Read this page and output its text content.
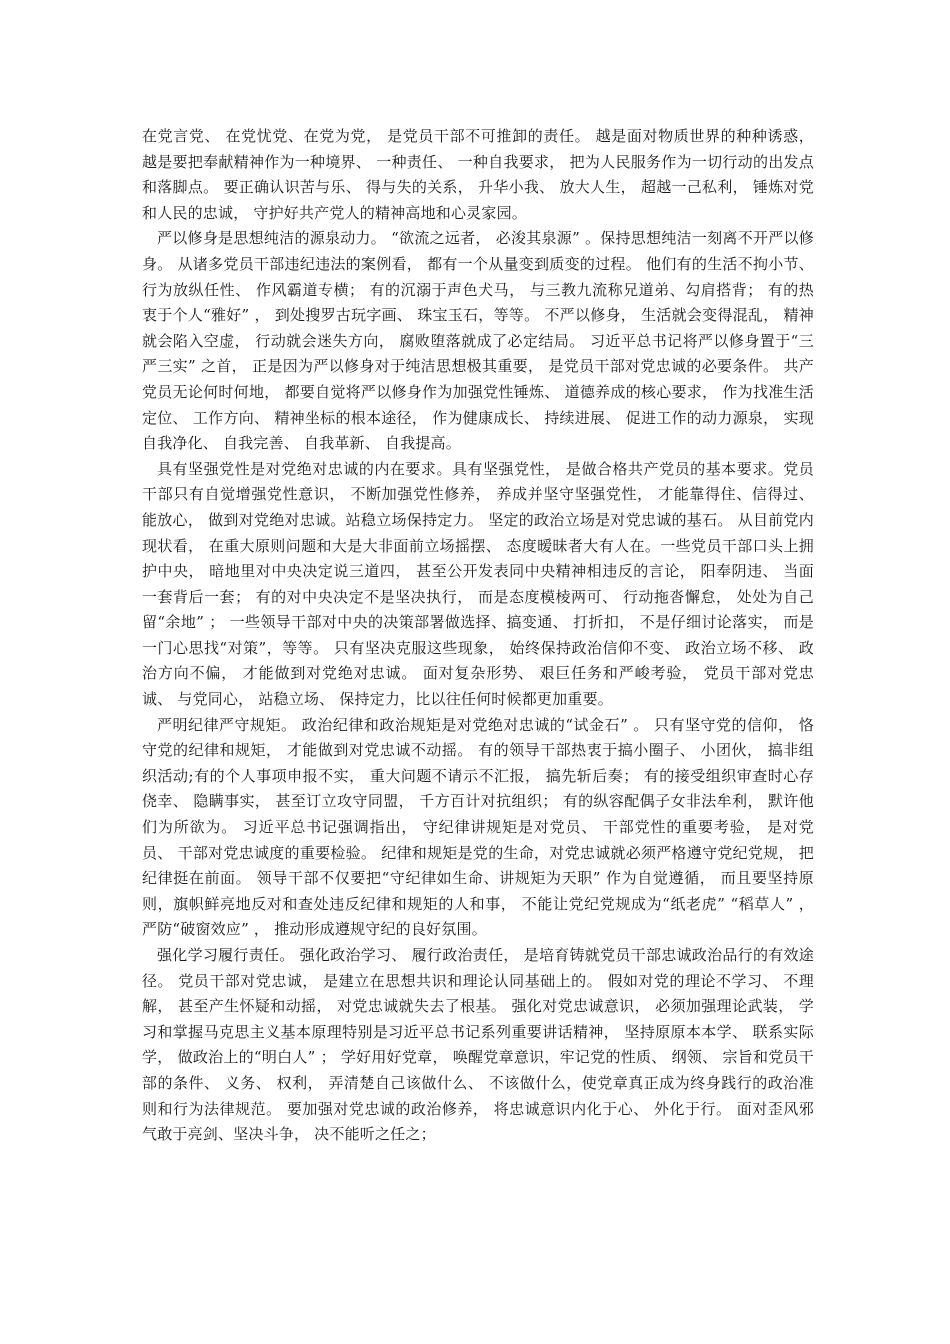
在党言党、 在党忧党、在党为党， 是党员干部不可推卸的责任。 越是面对物质世界的种种诱惑， 越是要把奉献精神作为一种境界、 一种责任、 一种自我要求， 把为人民服务作为一切行动的出发点和落脚点。 要正确认识苦与乐、 得与失的关系， 升华小我、 放大人生， 超越一己私利， 锤炼对党和人民的忠诚， 守护好共产党人的精神高地和心灵家园。

严以修身是思想纯洁的源泉动力。 “欲流之远者， 必浚其泉源” 。保持思想纯洁一刻离不开严以修身。 从诸多党员干部违纪违法的案例看， 都有一个从量变到质变的过程。 他们有的生活不拘小节、 行为放纵任性、 作风霸道专横； 有的沉溺于声色犬马， 与三教九流称兄道弟、勾肩搭背； 有的热衷于个人“雅好” ， 到处搜罗古玩字画、 珠宝玉石，等等。 不严以修身， 生活就会变得混乱， 精神就会陷入空虚， 行动就会迷失方向， 腐败堕落就成了必定结局。 习近平总书记将严以修身置于“三严三实” 之首， 正是因为严以修身对于纯洁思想极其重要， 是党员干部对党忠诚的必要条件。 共产党员无论何时何地， 都要自觉将严以修身作为加强党性锤炼、 道德养成的核心要求， 作为找准生活定位、 工作方向、 精神坐标的根本途径， 作为健康成长、 持续进展、 促进工作的动力源泉， 实现自我净化、 自我完善、 自我革新、 自我提高。

具有坚强党性是对党绝对忠诚的内在要求。具有坚强党性， 是做合格共产党员的基本要求。党员干部只有自觉增强党性意识， 不断加强党性修养， 养成并坚守坚强党性， 才能靠得住、信得过、 能放心， 做到对党绝对忠诚。站稳立场保持定力。 坚定的政治立场是对党忠诚的基石。 从目前党内现状看， 在重大原则问题和大是大非面前立场摇摆、 态度暧昧者大有人在。一些党员干部口头上拥护中央， 暗地里对中央决定说三道四， 甚至公开发表同中央精神相违反的言论， 阳奉阴违、 当面一套背后一套； 有的对中央决定不是坚决执行， 而是态度模棱两可、 行动拖沓懈怠， 处处为自己留“余地” ； 一些领导干部对中央的决策部署做选择、搞变通、 打折扣， 不是仔细讨论落实， 而是一门心思找“对策”，等等。 只有坚决克服这些现象， 始终保持政治信仰不变、 政治立场不移、 政治方向不偏， 才能做到对党绝对忠诚。 面对复杂形势、 艰巨任务和严峻考验， 党员干部对党忠诚、 与党同心， 站稳立场、 保持定力，比以往任何时候都更加重要。

严明纪律严守规矩。 政治纪律和政治规矩是对党绝对忠诚的“试金石” 。 只有坚守党的信仰， 恪守党的纪律和规矩， 才能做到对党忠诚不动摇。 有的领导干部热衷于搞小圈子、 小团伙， 搞非组织活动;有的个人事项申报不实， 重大问题不请示不汇报， 搞先斩后奏； 有的接受组织审查时心存侥幸、 隐瞒事实， 甚至订立攻守同盟， 千方百计对抗组织； 有的纵容配偶子女非法牟利， 默许他们为所欲为。 习近平总书记强调指出， 守纪律讲规矩是对党员、 干部党性的重要考验， 是对党员、 干部对党忠诚度的重要检验。 纪律和规矩是党的生命，对党忠诚就必须严格遵守党纪党规， 把纪律挺在前面。 领导干部不仅要把“守纪律如生命、讲规矩为天职” 作为自觉遵循， 而且要坚持原则，旗帜鲜亮地反对和查处违反纪律和规矩的人和事， 不能让党纪党规成为“纸老虎” “稻草人” ， 严防“破窗效应” ， 推动形成遵规守纪的良好氛围。

强化学习履行责任。 强化政治学习、 履行政治责任， 是培育铸就党员干部忠诚政治品行的有效途径。 党员干部对党忠诚， 是建立在思想共识和理论认同基础上的。 假如对党的理论不学习、 不理解， 甚至产生怀疑和动摇， 对党忠诚就失去了根基。 强化对党忠诚意识， 必须加强理论武装， 学习和掌握马克思主义基本原理特别是习近平总书记系列重要讲话精神， 坚持原原本本学、 联系实际学， 做政治上的“明白人” ； 学好用好党章， 唤醒党章意识，牢记党的性质、 纲领、 宗旨和党员干部的条件、 义务、 权利， 弄清楚自己该做什么、 不该做什么，使党章真正成为终身践行的政治准则和行为法律规范。 要加强对党忠诚的政治修养， 将忠诚意识内化于心、 外化于行。 面对歪风邪气敢于亮剑、坚决斗争， 决不能听之任之；
